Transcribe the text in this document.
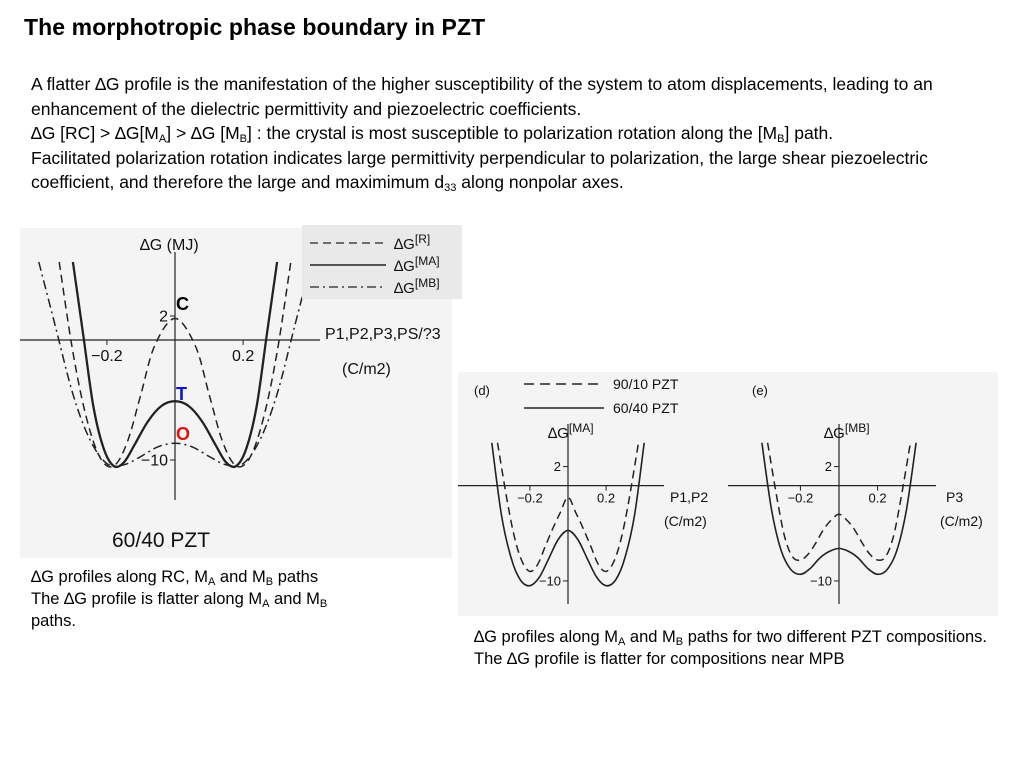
The morphotropic phase boundary in PZT

A flatter ∆G profile is the manifestation of the higher susceptibility of the system to atom displacements, leading to an enhancement of the dielectric permittivity and piezoelectric coefficients.

∆G $[RC] > \Delta G[M_A] > \Delta G$ $[M_B]$ : the crystal is most susceptible to polarization rotation along the $[M_B]$ path.

Facilitated polarization rotation indicates large permittivity perpendicular to polarization, the large shear piezoelectric coefficient, and therefore the large and maximimum $d_{33}$ along nonpolar axes.

−0.2	0.2
2
−10
∆G (MJ)
P1,P2,P3,PS/?3
(C/m2)
60/40 PZT
C
T
O
∆G[R]
∆G[MA]
∆G[MB]
−0.2	0.2
2
−10
(d)
∆G[MA]
P1,P2
(C/m2)
−0.2	0.2
2
−10
(e)
∆G[MB]
P3
(C/m2)
90/10 PZT
60/40 PZT

∆G profiles along RC, $M_A$ and $M_B$ paths

The ∆G profile is flatter along $M_A$ and $M_B$

paths.

∆G profiles along $M_A$ and $M_B$ paths for two different PZT compositions. The ∆G profile is flatter for compositions near MPB
